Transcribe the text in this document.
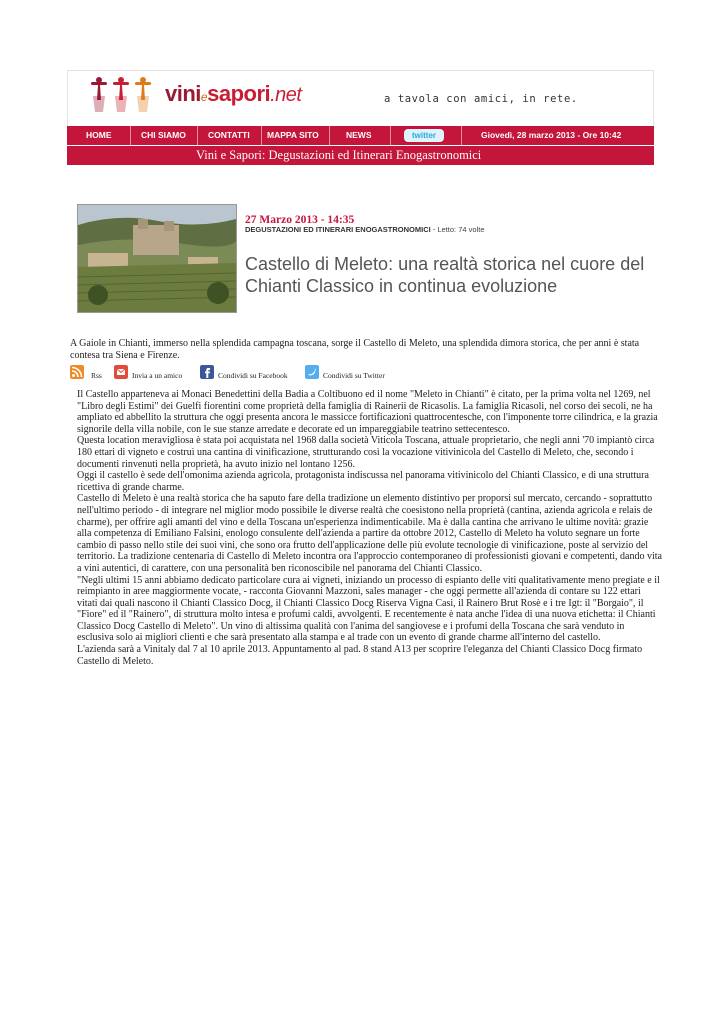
viniesapori.net	a tavola con amici, in rete.
HOME	CHI SIAMO	CONTATTI MAPPA SITO	NEWS	twitter	Giovedì, 28 marzo 2013 - Ore 10:42
Vini e Sapori: Degustazioni ed Itinerari Enogastronomici
27 Marzo 2013 - 14:35
DEGUSTAZIONI ED ITINERARI ENOGASTRONOMICI - Letto: 74 volte
Castello di Meleto: una realtà storica nel cuore del Chianti Classico in continua evoluzione

A Gaiole in Chianti, immerso nella splendida campagna toscana, sorge il Castello di Meleto, una splendida dimora storica, che per anni è stata contesa tra Siena e Firenze.

Rss	Invia a un amico	Condividi su Facebook	Condividi su Twitter

Il Castello apparteneva ai Monaci Benedettini della Badia a Coltibuono ed il nome "Meleto in Chianti" è citato, per la prima volta nel 1269, nel "Libro degli Estimi" dei Guelfi fiorentini come proprietà della famiglia di Rainerii de Ricasolis. La famiglia Ricasoli, nel corso dei secoli, ne ha ampliato ed abbellito la struttura che oggi presenta ancora le massicce fortificazioni quattrocentesche, con l'imponente torre cilindrica, e la grazia signorile della villa nobile, con le sue stanze arredate e decorate ed un impareggiabile teatrino settecentesco.

Questa location meravigliosa è stata poi acquistata nel 1968 dalla società Viticola Toscana, attuale proprietario, che negli anni '70 impiantò circa 180 ettari di vigneto e costruì una cantina di vinificazione, strutturando così la vocazione vitivinicola del Castello di Meleto, che, secondo i documenti rinvenuti nella proprietà, ha avuto inizio nel lontano 1256.

Oggi il castello è sede dell'omonima azienda agricola, protagonista indiscussa nel panorama vitivinicolo del Chianti Classico, e di una struttura ricettiva di grande charme.

Castello di Meleto è una realtà storica che ha saputo fare della tradizione un elemento distintivo per proporsi sul mercato, cercando - soprattutto nell'ultimo periodo - di integrare nel miglior modo possibile le diverse realtà che coesistono nella proprietà (cantina, azienda agricola e relais de charme), per offrire agli amanti del vino e della Toscana un'esperienza indimenticabile. Ma è dalla cantina che arrivano le ultime novità: grazie alla competenza di Emiliano Falsini, enologo consulente dell'azienda a partire da ottobre 2012, Castello di Meleto ha voluto segnare un forte cambio di passo nello stile dei suoi vini, che sono ora frutto dell'applicazione delle più evolute tecnologie di vinificazione, poste al servizio del territorio. La tradizione centenaria di Castello di Meleto incontra ora l'approccio contemporaneo di professionisti giovani e competenti, dando vita a vini autentici, di carattere, con una personalità ben riconoscibile nel panorama del Chianti Classico.

"Negli ultimi 15 anni abbiamo dedicato particolare cura ai vigneti, iniziando un processo di espianto delle viti qualitativamente meno pregiate e il reimpianto in aree maggiormente vocate, - racconta Giovanni Mazzoni, sales manager - che oggi permette all'azienda di contare su 122 ettari vitati dai quali nascono il Chianti Classico Docg, il Chianti Classico Docg Riserva Vigna Casi, il Rainero Brut Rosè e i tre Igt: il "Borgaio", il "Fiore" ed il "Rainero", di struttura molto intesa e profumi caldi, avvolgenti. E recentemente è nata anche l'idea di una nuova etichetta: il Chianti Classico Docg Castello di Meleto". Un vino di altissima qualità con l'anima del sangiovese e i profumi della Toscana che sarà venduto in esclusiva solo ai migliori clienti e che sarà presentato alla stampa e al trade con un evento di grande charme all'interno del castello.

L'azienda sarà a Vinitaly dal 7 al 10 aprile 2013. Appuntamento al pad. 8 stand A13 per scoprire l'eleganza del Chianti Classico Docg firmato Castello di Meleto.
